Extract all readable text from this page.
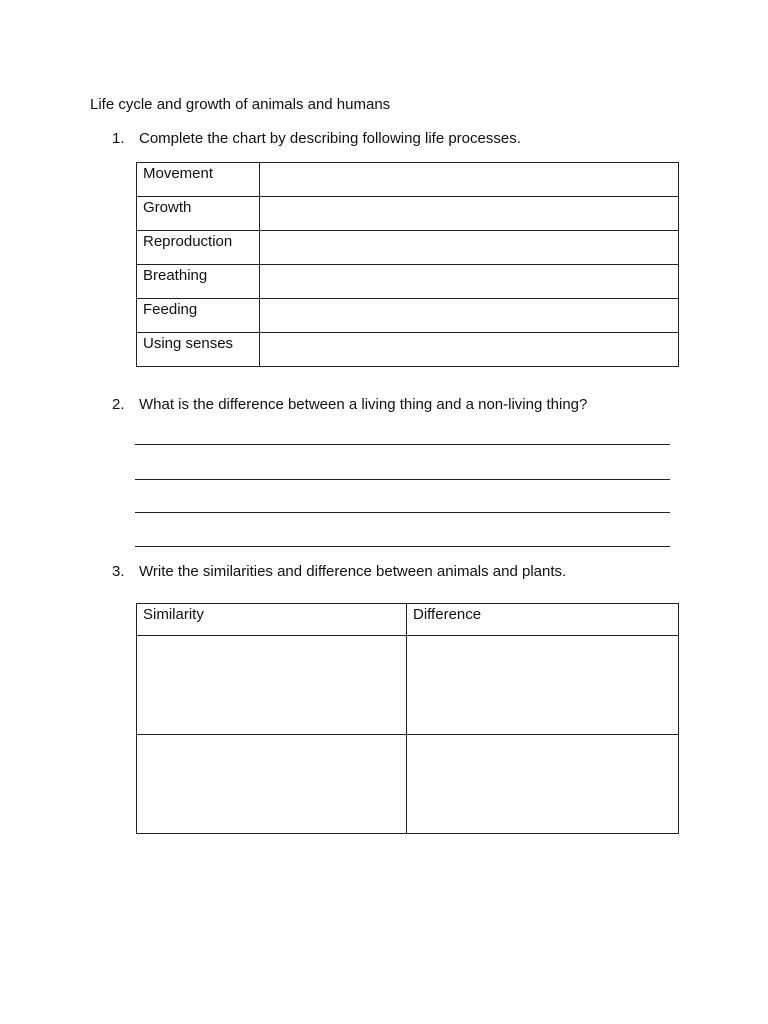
Life cycle and growth of animals and humans
1. Complete the chart by describing following life processes.
Movement	
Growth	
Reproduction	
Breathing	
Feeding	
Using senses	
2. What is the difference between a living thing and a non-living thing?
3. Write the similarities and difference between animals and plants.
Similarity	Difference
